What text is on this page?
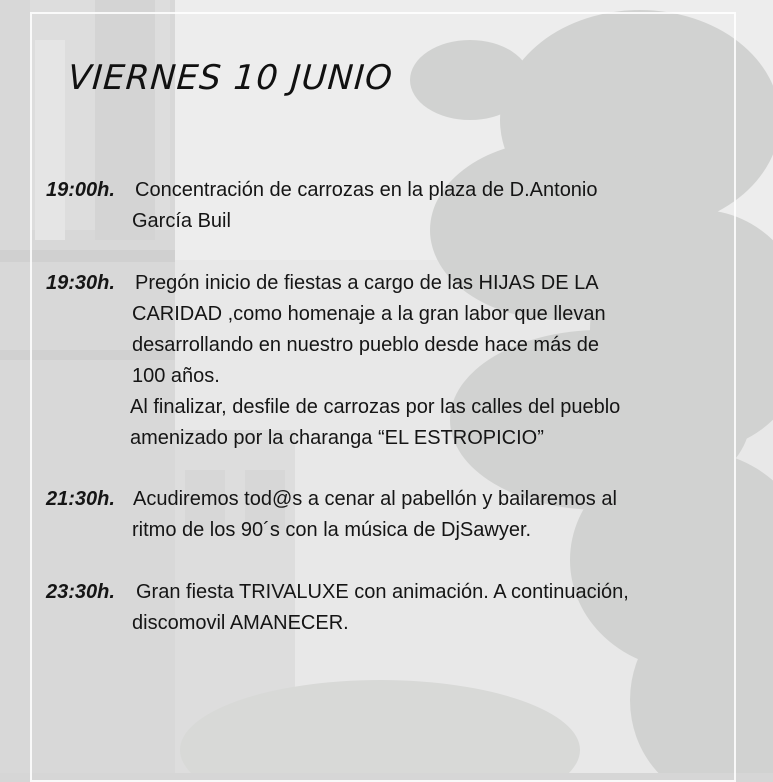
VIERNES 10 JUNIO
19:00h. Concentración de carrozas en la plaza de D.Antonio
García Buil
19:30h. Pregón inicio de fiestas a cargo de las HIJAS DE LA
CARIDAD ,como homenaje a la gran labor que llevan
desarrollando en nuestro pueblo desde hace más de
100 años.
Al finalizar, desfile de carrozas por las calles del pueblo
amenizado por la charanga “EL ESTROPICIO”
21:30h. Acudiremos tod@s a cenar al pabellón y bailaremos al
ritmo de los 90´s con la música de DjSawyer.
23:30h. Gran fiesta TRIVALUXE con animación. A continuación,
discomovil AMANECER.
